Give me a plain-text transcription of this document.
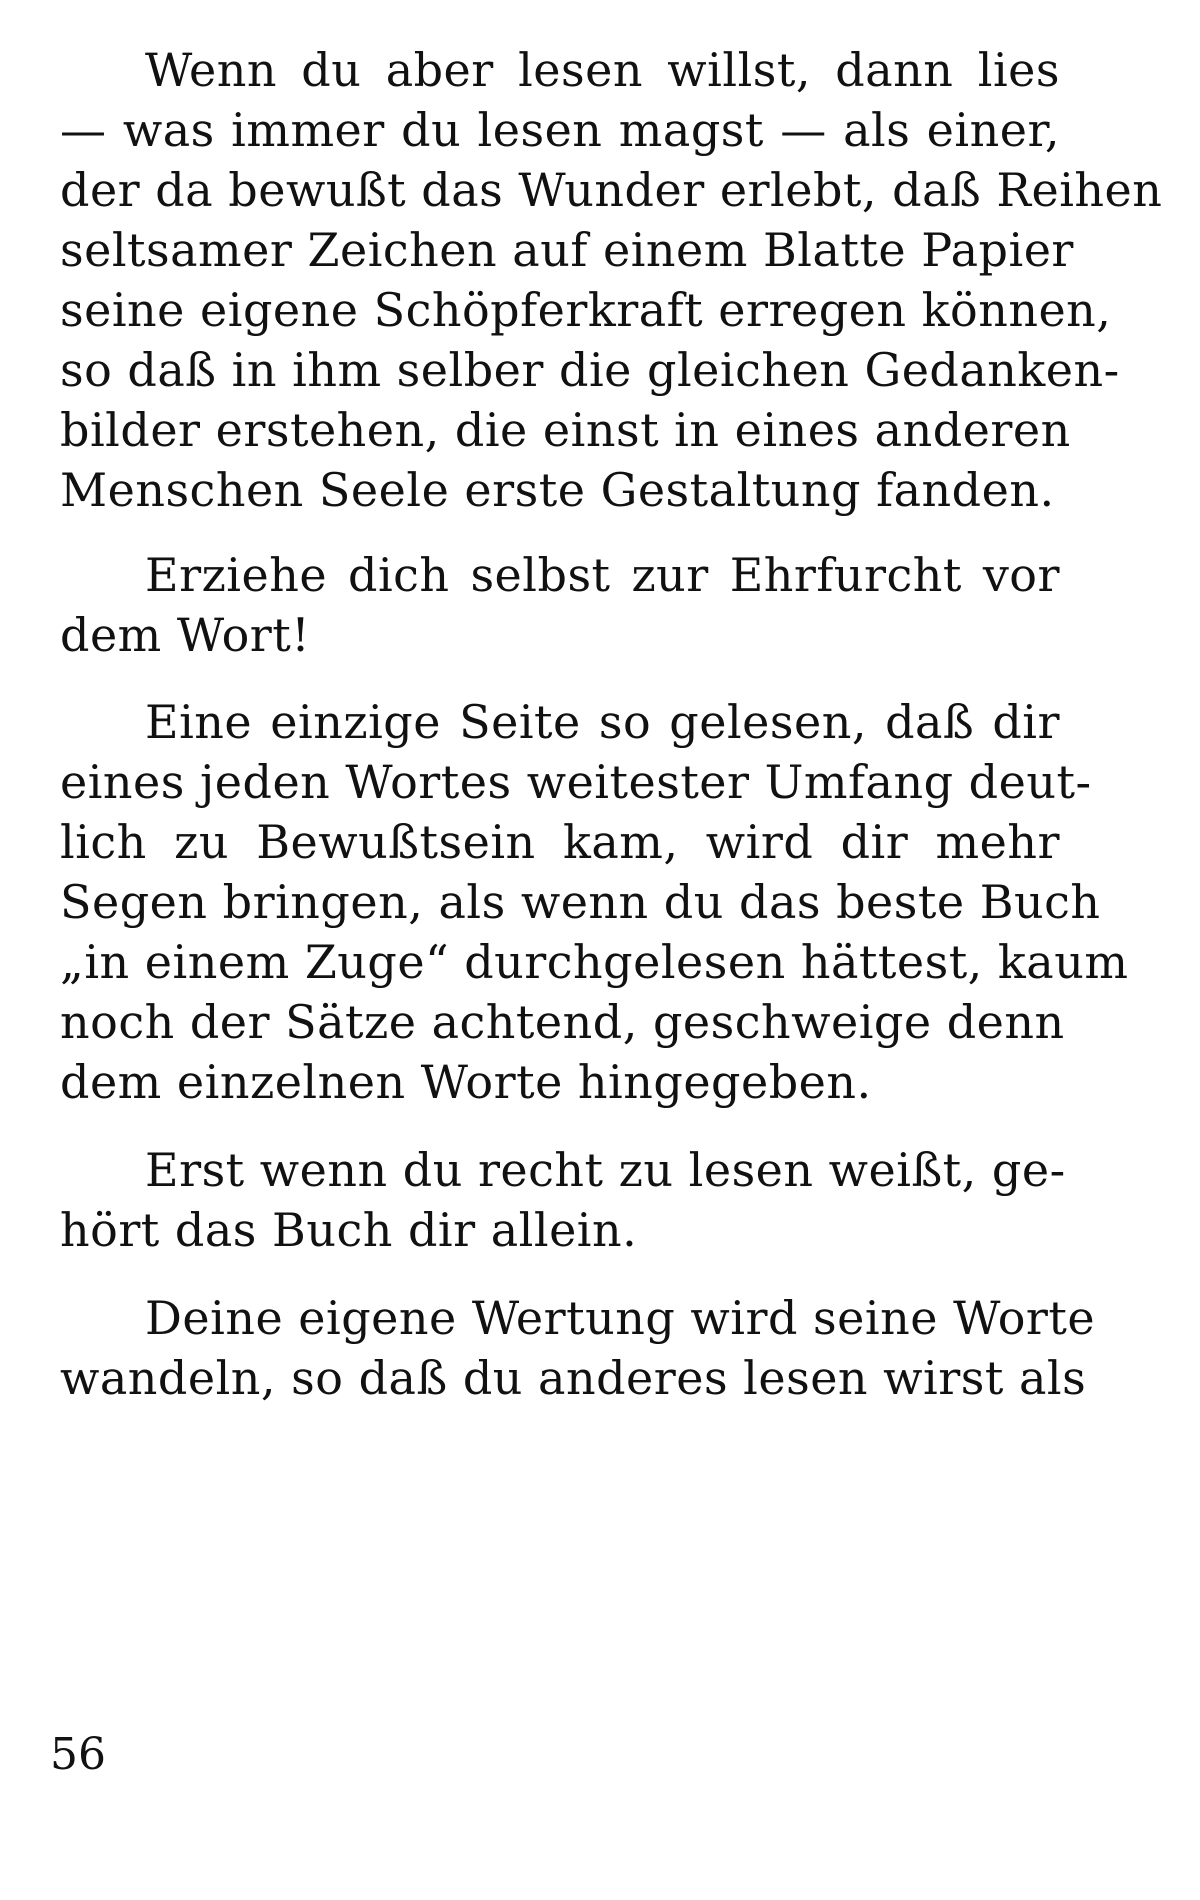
Wenn du aber lesen willst, dann lies
— was immer du lesen magst — als einer,
der da bewußt das Wunder erlebt, daß Reihen
seltsamer Zeichen auf einem Blatte Papier
seine eigene Schöpferkraft erregen können,
so daß in ihm selber die gleichen Gedanken-
bilder erstehen, die einst in eines anderen
Menschen Seele erste Gestaltung fanden.
Erziehe dich selbst zur Ehrfurcht vor
dem Wort!
Eine einzige Seite so gelesen, daß dir
eines jeden Wortes weitester Umfang deut-
lich zu Bewußtsein kam, wird dir mehr
Segen bringen, als wenn du das beste Buch
„in einem Zuge“ durchgelesen hättest, kaum
noch der Sätze achtend, geschweige denn
dem einzelnen Worte hingegeben.
Erst wenn du recht zu lesen weißt, ge-
hört das Buch dir allein.
Deine eigene Wertung wird seine Worte
wandeln, so daß du anderes lesen wirst als
56
